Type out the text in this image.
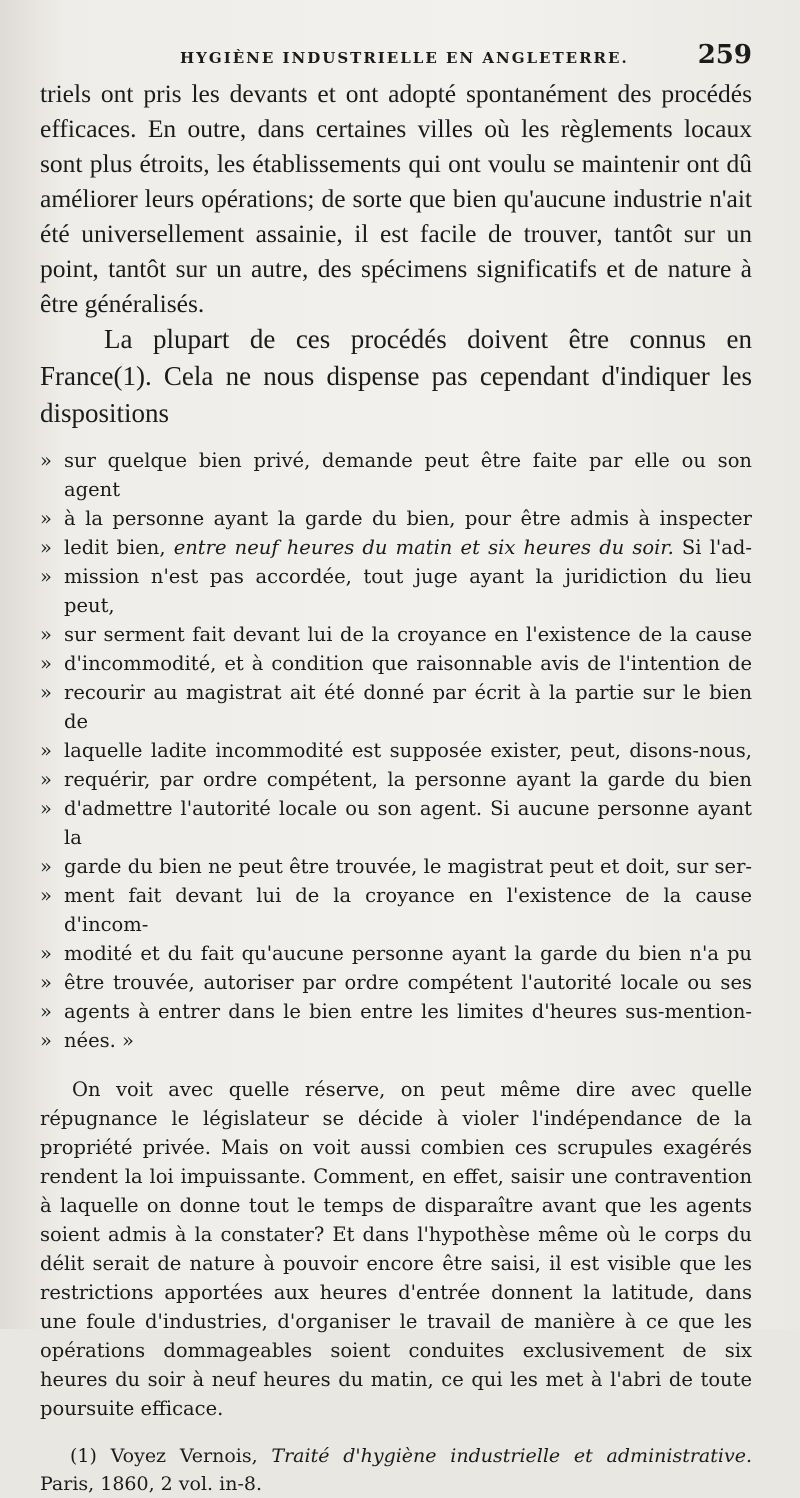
HYGIÈNE INDUSTRIELLE EN ANGLETERRE.	259

triels ont pris les devants et ont adopté spontanément des procédés efficaces. En outre, dans certaines villes où les règlements locaux sont plus étroits, les établissements qui ont voulu se maintenir ont dû améliorer leurs opérations; de sorte que bien qu'aucune industrie n'ait été universellement assainie, il est facile de trouver, tantôt sur un point, tantôt sur un autre, des spécimens significatifs et de nature à être généralisés.

La plupart de ces procédés doivent être connus en France(1). Cela ne nous dispense pas cependant d'indiquer les dispositions

» sur quelque bien privé, demande peut être faite par elle ou son agent
» à la personne ayant la garde du bien, pour être admis à inspecter
» ledit bien, entre neuf heures du matin et six heures du soir. Si l'ad-
» mission n'est pas accordée, tout juge ayant la juridiction du lieu peut,
» sur serment fait devant lui de la croyance en l'existence de la cause
» d'incommodité, et à condition que raisonnable avis de l'intention de
» recourir au magistrat ait été donné par écrit à la partie sur le bien de
» laquelle ladite incommodité est supposée exister, peut, disons-nous,
» requérir, par ordre compétent, la personne ayant la garde du bien
» d'admettre l'autorité locale ou son agent. Si aucune personne ayant la
» garde du bien ne peut être trouvée, le magistrat peut et doit, sur ser-
» ment fait devant lui de la croyance en l'existence de la cause d'incom-
» modité et du fait qu'aucune personne ayant la garde du bien n'a pu
» être trouvée, autoriser par ordre compétent l'autorité locale ou ses
» agents à entrer dans le bien entre les limites d'heures sus-mention-
» nées. »

On voit avec quelle réserve, on peut même dire avec quelle répugnance le législateur se décide à violer l'indépendance de la propriété privée. Mais on voit aussi combien ces scrupules exagérés rendent la loi impuissante. Comment, en effet, saisir une contravention à laquelle on donne tout le temps de disparaître avant que les agents soient admis à la constater? Et dans l'hypothèse même où le corps du délit serait de nature à pouvoir encore être saisi, il est visible que les restrictions apportées aux heures d'entrée donnent la latitude, dans une foule d'industries, d'organiser le travail de manière à ce que les opérations dommageables soient conduites exclusivement de six heures du soir à neuf heures du matin, ce qui les met à l'abri de toute poursuite efficace.

(1) Voyez Vernois, Traité d'hygiène industrielle et administrative. Paris, 1860, 2 vol. in-8.
